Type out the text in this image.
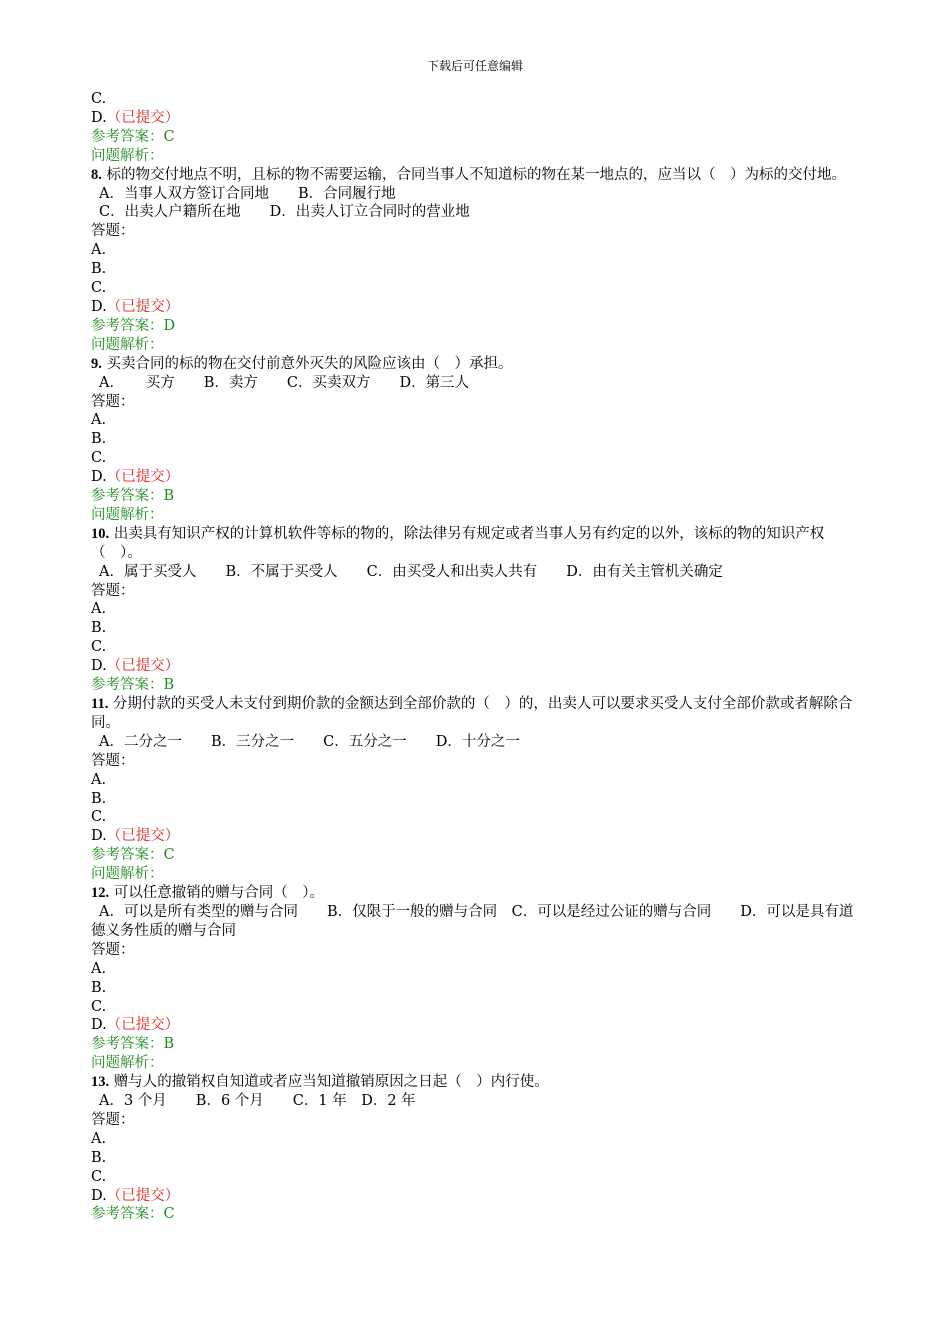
下载后可任意编辑
C.
D.（已提交）
参考答案：C
问题解析：
8. 标的物交付地点不明，且标的物不需要运输，合同当事人不知道标的物在某一地点的，应当以（　）为标的交付地。
A．当事人双方签订合同地　　B．合同履行地
C．出卖人户籍所在地　　D．出卖人订立合同时的营业地
答题：
A.
B.
C.
D.（已提交）
参考答案：D
问题解析：
9. 买卖合同的标的物在交付前意外灭失的风险应该由（　）承担。
A．　　买方　　B．卖方　　C．买卖双方　　D．第三人
答题：
A.
B.
C.
D.（已提交）
参考答案：B
问题解析：
10. 出卖具有知识产权的计算机软件等标的物的，除法律另有规定或者当事人另有约定的以外，该标的物的知识产权（　）。
A．属于买受人　　B．不属于买受人　　C．由买受人和出卖人共有　　D．由有关主管机关确定
答题：
A.
B.
C.
D.（已提交）
参考答案：B
11. 分期付款的买受人未支付到期价款的金额达到全部价款的（　）的，出卖人可以要求买受人支付全部价款或者解除合同。
A．二分之一　　B．三分之一　　C．五分之一　　D．十分之一
答题：
A.
B.
C.
D.（已提交）
参考答案：C
问题解析：
12. 可以任意撤销的赠与合同（　）。
A．可以是所有类型的赠与合同　　B．仅限于一般的赠与合同　C．可以是经过公证的赠与合同　　D．可以是具有道德义务性质的赠与合同
答题：
A.
B.
C.
D.（已提交）
参考答案：B
问题解析：
13. 赠与人的撤销权自知道或者应当知道撤销原因之日起（　）内行使。
A．3 个月　　B．6 个月　　C．1 年　D．2 年
答题：
A.
B.
C.
D.（已提交）
参考答案：C
